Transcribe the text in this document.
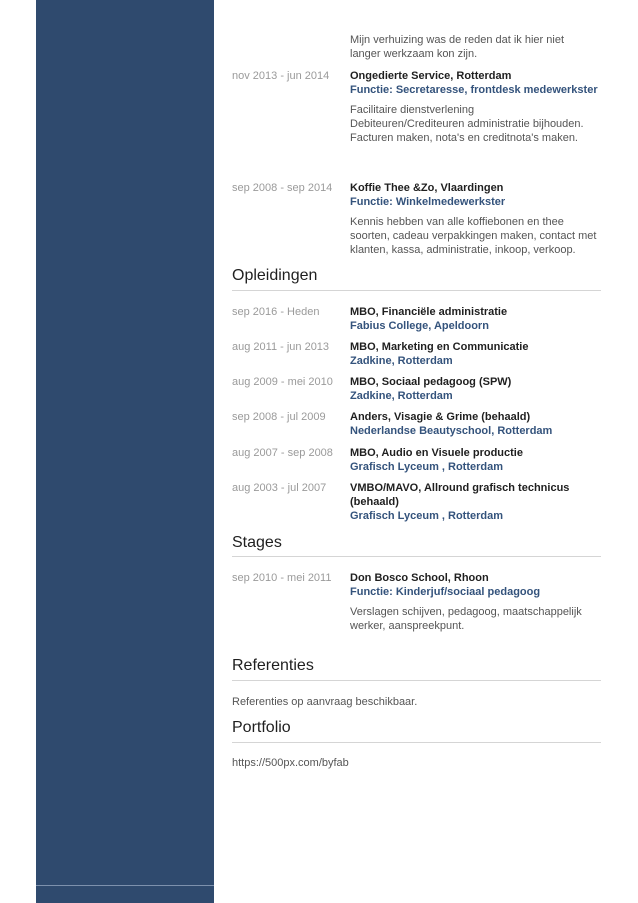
Mijn verhuizing was de reden dat ik hier niet
langer werkzaam kon zijn.
nov 2013 - jun 2014	Ongedierte Service, Rotterdam
Functie: Secretaresse, frontdesk medewerkster
Facilitaire dienstverlening
Debiteuren/Crediteuren administratie bijhouden.
Facturen maken, nota's en creditnota's maken.
sep 2008 - sep 2014	Koffie Thee &Zo, Vlaardingen
Functie: Winkelmedewerkster
Kennis hebben van alle koffiebonen en thee
soorten, cadeau verpakkingen maken, contact met
klanten, kassa, administratie, inkoop, verkoop.
Opleidingen
sep 2016 - Heden	MBO, Financiële administratie
Fabius College, Apeldoorn
aug 2011 - jun 2013	MBO, Marketing en Communicatie
Zadkine, Rotterdam
aug 2009 - mei 2010	MBO, Sociaal pedagoog (SPW)
Zadkine, Rotterdam
sep 2008 - jul 2009	Anders, Visagie & Grime (behaald)
Nederlandse Beautyschool, Rotterdam
aug 2007 - sep 2008	MBO, Audio en Visuele productie
Grafisch Lyceum , Rotterdam
aug 2003 - jul 2007	VMBO/MAVO, Allround grafisch technicus
(behaald)
Grafisch Lyceum , Rotterdam
Stages
sep 2010 - mei 2011	Don Bosco School, Rhoon
Functie: Kinderjuf/sociaal pedagoog
Verslagen schijven, pedagoog, maatschappelijk
werker, aanspreekpunt.
Referenties
Referenties op aanvraag beschikbaar.
Portfolio
https://500px.com/byfab
